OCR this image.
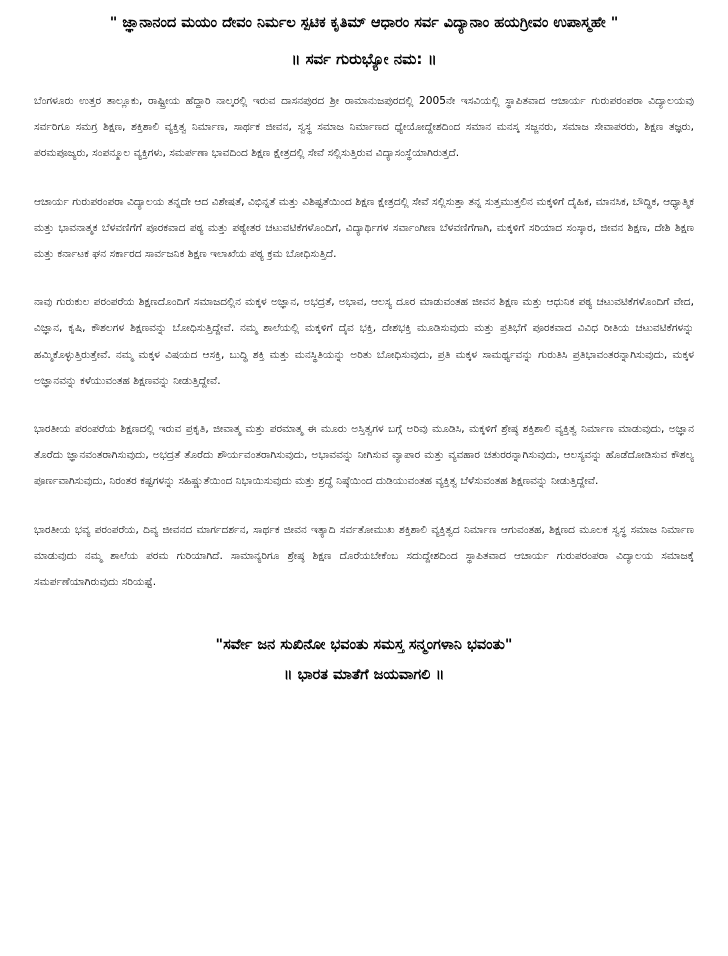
" ಜ್ಞಾನಾನಂದ ಮಯಂ ದೇವಂ ನಿರ್ಮಲ ಸ್ಪಟಿಕ ಕೃತಿಮ್ ಆಧಾರಂ ಸರ್ವ ವಿದ್ಯಾನಾಂ ಹಯಗ್ರೀವಂ ಉಪಾಸ್ಮಹೇ "

॥ ಸರ್ವ ಗುರುಭ್ಯೋ ನಮ: ॥

ಬೆಂಗಳೂರು ಉತ್ತರ ತಾಲ್ಲೂಕು, ರಾಷ್ಟ್ರೀಯ ಹೆದ್ದಾರಿ ನಾಲ್ಕರಲ್ಲಿ ಇರುವ ದಾಸನಪುರದ ಶ್ರೀ ರಾಮಾನುಜಪುರದಲ್ಲಿ 2005ನೇ ಇಸವಿಯಲ್ಲಿ ಸ್ಥಾಪಿತವಾದ ಆಚಾರ್ಯ ಗುರುಪರಂಪರಾ ವಿದ್ಯಾಲಯವು ಸರ್ವರಿಗೂ ಸಮಗ್ರ ಶಿಕ್ಷಣ, ಶಕ್ತಿಶಾಲಿ ವ್ಯಕ್ತಿತ್ವ ನಿರ್ಮಾಣ, ಸಾರ್ಥಕ ಜೀವನ, ಸ್ವಸ್ಥ ಸಮಾಜ ನಿರ್ಮಾಣದ ಧ್ಯೇಯೋದ್ದೇಶದಿಂದ ಸಮಾನ ಮನಸ್ಕ ಸಜ್ಜನರು, ಸಮಾಜ ಸೇವಾಪರರು, ಶಿಕ್ಷಣ ತಜ್ಞರು, ಪರಮಪೂಜ್ಯರು, ಸಂಪನ್ಮೂಲ ವ್ಯಕ್ತಿಗಳು, ಸಮರ್ಪಣಾ ಭಾವದಿಂದ ಶಿಕ್ಷಣ ಕ್ಷೇತ್ರದಲ್ಲಿ ಸೇವೆ ಸಲ್ಲಿಸುತ್ತಿರುವ ವಿದ್ಯಾಸಂಸ್ಥೆಯಾಗಿರುತ್ತದೆ.

ಆಚಾರ್ಯ ಗುರುಪರಂಪರಾ ವಿದ್ಯಾಲಯ ತನ್ನದೇ ಆದ ವಿಶೇಷತೆ, ವಿಭಿನ್ನತೆ ಮತ್ತು ವಿಶಿಷ್ಟತೆಯಿಂದ ಶಿಕ್ಷಣ ಕ್ಷೇತ್ರದಲ್ಲಿ ಸೇವೆ ಸಲ್ಲಿಸುತ್ತಾ ತನ್ನ ಸುತ್ತಮುತ್ತಲಿನ ಮಕ್ಕಳಿಗೆ ದೈಹಿಕ, ಮಾನಸಿಕ, ಬೌದ್ಧಿಕ, ಆಧ್ಯಾತ್ಮಿಕ ಮತ್ತು ಭಾವನಾತ್ಮಕ ಬೆಳವಣಿಗೆಗೆ ಪೂರಕವಾದ ಪಠ್ಯ ಮತ್ತು ಪಠ್ಯೇತರ ಚಟುವಟಿಕೆಗಳೊಂದಿಗೆ, ವಿದ್ಯಾರ್ಥಿಗಳ ಸರ್ವಾಂಗೀಣ ಬೆಳವಣಿಗೆಗಾಗಿ, ಮಕ್ಕಳಿಗೆ ಸರಿಯಾದ ಸಂಸ್ಕಾರ, ಜೀವನ ಶಿಕ್ಷಣ, ದೇಶಿ ಶಿಕ್ಷಣ ಮತ್ತು ಕರ್ನಾಟಕ ಘನ ಸರ್ಕಾರದ ಸಾರ್ವಜನಿಕ ಶಿಕ್ಷಣ ಇಲಾಖೆಯ ಪಠ್ಯ ಕ್ರಮ ಬೋಧಿಸುತ್ತಿದೆ.

ನಾವು ಗುರುಕುಲ ಪರಂಪರೆಯ ಶಿಕ್ಷಣದೊಂದಿಗೆ ಸಮಾಜದಲ್ಲಿನ ಮಕ್ಕಳ ಅಜ್ಞಾನ, ಅಭದ್ರತೆ, ಅಭಾವ, ಆಲಸ್ಯ ದೂರ ಮಾಡುವಂತಹ ಜೀವನ ಶಿಕ್ಷಣ ಮತ್ತು ಆಧುನಿಕ ಪಠ್ಯ ಚಟುವಟಿಕೆಗಳೊಂದಿಗೆ ವೇದ, ವಿಜ್ಞಾನ, ಕೃಷಿ, ಕೌಶಲಗಳ ಶಿಕ್ಷಣವನ್ನು ಬೋಧಿಸುತ್ತಿದ್ದೇವೆ. ನಮ್ಮ ಶಾಲೆಯಲ್ಲಿ ಮಕ್ಕಳಿಗೆ ದೈವ ಭಕ್ತಿ, ದೇಶಭಕ್ತಿ ಮೂಡಿಸುವುದು ಮತ್ತು ಪ್ರತಿಭೆಗೆ ಪೂರಕವಾದ ವಿವಿಧ ರೀತಿಯ ಚಟುವಟಿಕೆಗಳನ್ನು ಹಮ್ಮಿಕೊಳ್ಳುತ್ತಿರುತ್ತೇವೆ. ನಮ್ಮ ಮಕ್ಕಳ ವಿಷಯದ ಆಸಕ್ತಿ, ಬುದ್ಧಿ ಶಕ್ತಿ ಮತ್ತು ಮನಸ್ಥಿತಿಯನ್ನು ಅರಿತು ಬೋಧಿಸುವುದು, ಪ್ರತಿ ಮಕ್ಕಳ ಸಾಮರ್ಥ್ಯವನ್ನು ಗುರುತಿಸಿ ಪ್ರತಿಭಾವಂತರನ್ನಾಗಿಸುವುದು, ಮಕ್ಕಳ ಅಜ್ಞಾನವನ್ನು ಕಳೆಯುವಂತಹ ಶಿಕ್ಷಣವನ್ನು ನೀಡುತ್ತಿದ್ದೇವೆ.

ಭಾರತೀಯ ಪರಂಪರೆಯ ಶಿಕ್ಷಣದಲ್ಲಿ ಇರುವ ಪ್ರಕೃತಿ, ಜೀವಾತ್ಮ ಮತ್ತು ಪರಮಾತ್ಮ ಈ ಮೂರು ಅಸ್ತಿತ್ವಗಳ ಬಗ್ಗೆ ಅರಿವು ಮೂಡಿಸಿ, ಮಕ್ಕಳಿಗೆ ಶ್ರೇಷ್ಠ ಶಕ್ತಿಶಾಲಿ ವ್ಯಕ್ತಿತ್ವ ನಿರ್ಮಾಣ ಮಾಡುವುದು, ಅಜ್ಞಾನ ತೊರೆದು ಜ್ಞಾನವಂತರಾಗಿಸುವುದು, ಅಭದ್ರತೆ ತೊರೆದು ಶೌರ್ಯವಂತರಾಗಿಸುವುದು, ಅಭಾವವನ್ನು ನೀಗಿಸುವ ವ್ಯಾಪಾರ ಮತ್ತು ವ್ಯವಹಾರ ಚತುರರನ್ನಾಗಿಸುವುದು, ಆಲಸ್ಯವನ್ನು ಹೊಡೆದೋಡಿಸುವ ಕೌಶಲ್ಯ ಪೂರ್ಣವಾಗಿಸುವುದು, ನಿರಂತರ ಕಷ್ಟಗಳನ್ನು ಸಹಿಷ್ಣುತೆಯಿಂದ ನಿಭಾಯಿಸುವುದು ಮತ್ತು ಶ್ರದ್ಧೆ ನಿಷ್ಠೆಯಿಂದ ದುಡಿಯುವಂತಹ ವ್ಯಕ್ತಿತ್ವ ಬೆಳೆಸುವಂತಹ ಶಿಕ್ಷಣವನ್ನು ನೀಡುತ್ತಿದ್ದೇವೆ.

ಭಾರತೀಯ ಭವ್ಯ ಪರಂಪರೆಯ, ದಿವ್ಯ ಜೀವನದ ಮಾರ್ಗದರ್ಶನ, ಸಾರ್ಥಕ ಜೀವನ ಇತ್ಯಾದಿ ಸರ್ವತೋಮುಖ ಶಕ್ತಿಶಾಲಿ ವ್ಯಕ್ತಿತ್ವದ ನಿರ್ಮಾಣ ಆಗುವಂತಹ, ಶಿಕ್ಷಣದ ಮೂಲಕ ಸ್ವಸ್ಥ ಸಮಾಜ ನಿರ್ಮಾಣ ಮಾಡುವುದು ನಮ್ಮ ಶಾಲೆಯ ಪರಮ ಗುರಿಯಾಗಿದೆ. ಸಾಮಾನ್ಯರಿಗೂ ಶ್ರೇಷ್ಠ ಶಿಕ್ಷಣ ದೊರೆಯಬೇಕೆಂಬ ಸದುದ್ದೇಶದಿಂದ ಸ್ಥಾಪಿತವಾದ ಆಚಾರ್ಯ ಗುರುಪರಂಪರಾ ವಿದ್ಯಾಲಯ ಸಮಾಜಕ್ಕೆ ಸಮರ್ಪಣೆಯಾಗಿರುವುದು ಸರಿಯಷ್ಟೆ.

"ಸರ್ವೇ ಜನ ಸುಖಿನೋ ಭವಂತು ಸಮಸ್ತ ಸನ್ಮಂಗಳಾನಿ ಭವಂತು"

॥ ಭಾರತ ಮಾತೆಗೆ ಜಯವಾಗಲಿ ॥
